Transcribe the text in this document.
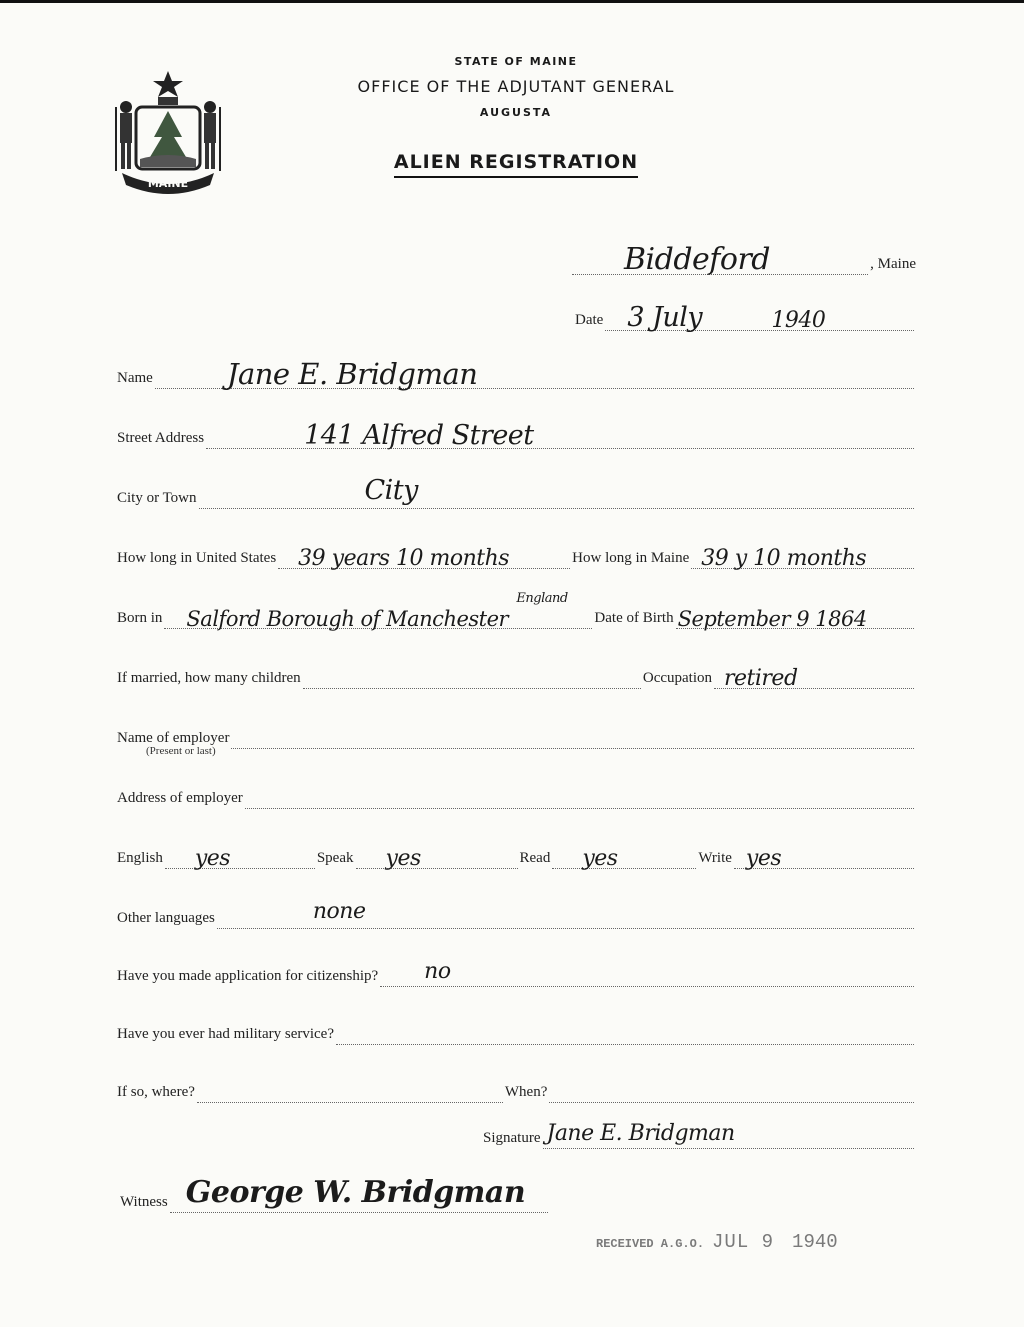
MAINE
STATE OF MAINE
OFFICE OF THE ADJUTANT GENERAL
AUGUSTA
ALIEN REGISTRATION
Biddeford	, Maine
Date 3 July	1940
Name	Jane E. Bridgman
Street Address	141 Alfred Street
City or Town	City
How long in United States 39 years 10 months	How long in Maine 39 y 10 months
Born in Salford Borough of Manchester
England
Date of Birth September 9 1864
If married, how many children	Occupation retired
Name of employer
(Present or last)
Address of employer
English yes	Speak yes	Read yes	Write yes
Other languages	none
Have you made application for citizenship? no
Have you ever had military service?
If so, where?	When?
Signature Jane E. Bridgman
Witness George W. Bridgman
RECEIVED A.G.O. JUL 9 1940
